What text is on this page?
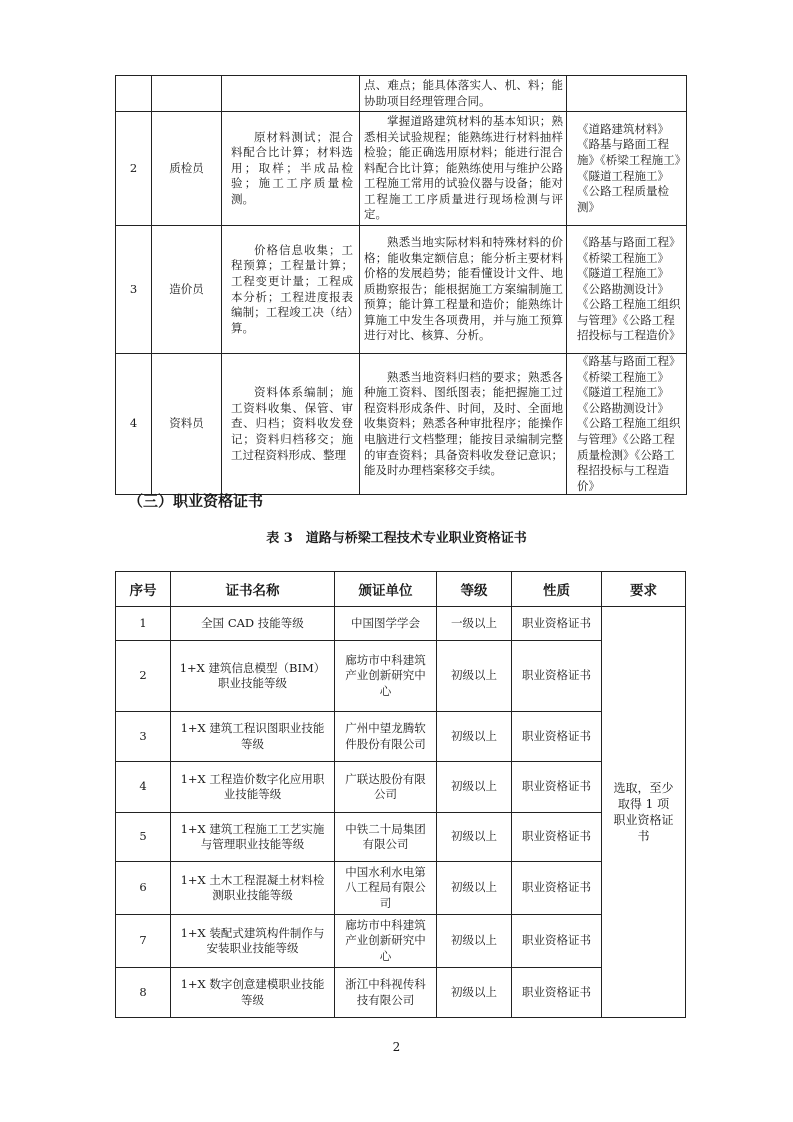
			点、难点；能具体落实人、机、料；能协助项目经理管理合同。	
2	质检员	原材料测试；混合料配合比计算；材料选用；取样；半成品检验；施工工序质量检测。	掌握道路建筑材料的基本知识；熟悉相关试验规程；能熟练进行材料抽样检验；能正确选用原材料；能进行混合料配合比计算；能熟练使用与维护公路工程施工常用的试验仪器与设备；能对工程施工工序质量进行现场检测与评定。	《道路建筑材料》《路基与路面工程施》《桥梁工程施工》《隧道工程施工》《公路工程质量检测》
3	造价员	价格信息收集；工程预算；工程量计算；工程变更计量；工程成本分析；工程进度报表编制；工程竣工决（结）算。	熟悉当地实际材料和特殊材料的价格；能收集定额信息；能分析主要材料价格的发展趋势；能看懂设计文件、地质勘察报告；能根据施工方案编制施工预算；能计算工程量和造价；能熟练计算施工中发生各项费用，并与施工预算进行对比、核算、分析。	《路基与路面工程》《桥梁工程施工》《隧道工程施工》《公路勘测设计》《公路工程施工组织与管理》《公路工程招投标与工程造价》
4	资料员	资料体系编制；施工资料收集、保管、审查、归档；资料收发登记；资料归档移交；施工过程资料形成、整理	熟悉当地资料归档的要求；熟悉各种施工资料、图纸图表；能把握施工过程资料形成条件、时间，及时、全面地收集资料；熟悉各种审批程序；能操作电脑进行文档整理；能按目录编制完整的审查资料；具备资料收发登记意识；能及时办理档案移交手续。	《路基与路面工程》《桥梁工程施工》《隧道工程施工》《公路勘测设计》《公路工程施工组织与管理》《公路工程质量检测》《公路工程招投标与工程造价》
（三）职业资格证书

表 3　道路与桥梁工程技术专业职业资格证书

序号	证书名称	颁证单位	等级	性质	要求
1	全国 CAD 技能等级	中国图学学会	一级以上	职业资格证书	选取，至少取得 1 项职业资格证书
2	1+X 建筑信息模型（BIM）职业技能等级	廊坊市中科建筑产业创新研究中心	初级以上	职业资格证书	
3	1+X 建筑工程识图职业技能等级	广州中望龙腾软件股份有限公司	初级以上	职业资格证书	
4	1+X 工程造价数字化应用职业技能等级	广联达股份有限公司	初级以上	职业资格证书	
5	1+X 建筑工程施工工艺实施与管理职业技能等级	中铁二十局集团有限公司	初级以上	职业资格证书	
6	1+X 土木工程混凝土材料检测职业技能等级	中国水利水电第八工程局有限公司	初级以上	职业资格证书	
7	1+X 装配式建筑构件制作与安装职业技能等级	廊坊市中科建筑产业创新研究中心	初级以上	职业资格证书	
8	1+X 数字创意建模职业技能等级	浙江中科视传科技有限公司	初级以上	职业资格证书	

2
